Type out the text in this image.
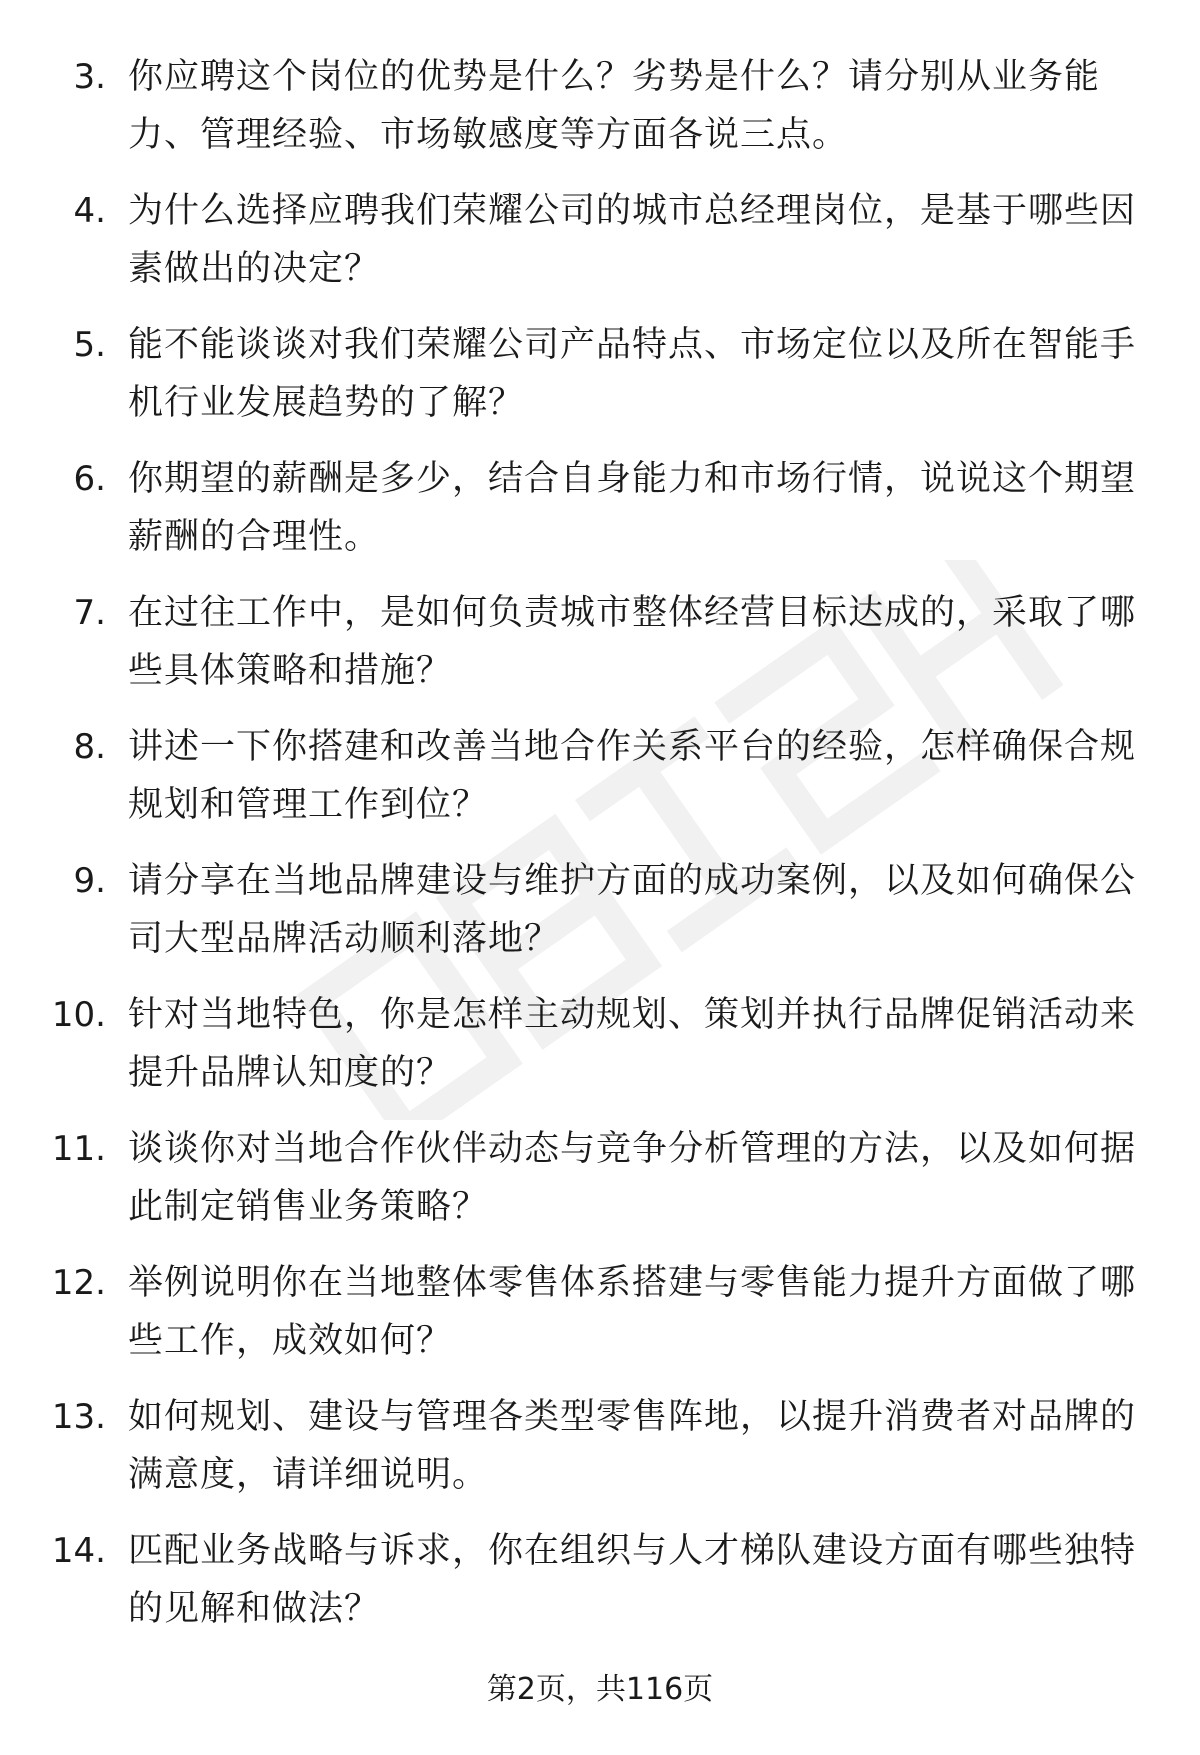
3. 你应聘这个岗位的优势是什么？劣势是什么？请分别从业务能力、管理经验、市场敏感度等方面各说三点。
4. 为什么选择应聘我们荣耀公司的城市总经理岗位，是基于哪些因素做出的决定？
5. 能不能谈谈对我们荣耀公司产品特点、市场定位以及所在智能手机行业发展趋势的了解？
6. 你期望的薪酬是多少，结合自身能力和市场行情，说说这个期望薪酬的合理性。
7. 在过往工作中，是如何负责城市整体经营目标达成的，采取了哪些具体策略和措施？
8. 讲述一下你搭建和改善当地合作关系平台的经验，怎样确保合规规划和管理工作到位？
9. 请分享在当地品牌建设与维护方面的成功案例，以及如何确保公司大型品牌活动顺利落地？
10. 针对当地特色，你是怎样主动规划、策划并执行品牌促销活动来提升品牌认知度的？
11. 谈谈你对当地合作伙伴动态与竞争分析管理的方法，以及如何据此制定销售业务策略？
12. 举例说明你在当地整体零售体系搭建与零售能力提升方面做了哪些工作，成效如何？
13. 如何规划、建设与管理各类型零售阵地，以提升消费者对品牌的满意度，请详细说明。
14. 匹配业务战略与诉求，你在组织与人才梯队建设方面有哪些独特的见解和做法？
第2页，共116页
